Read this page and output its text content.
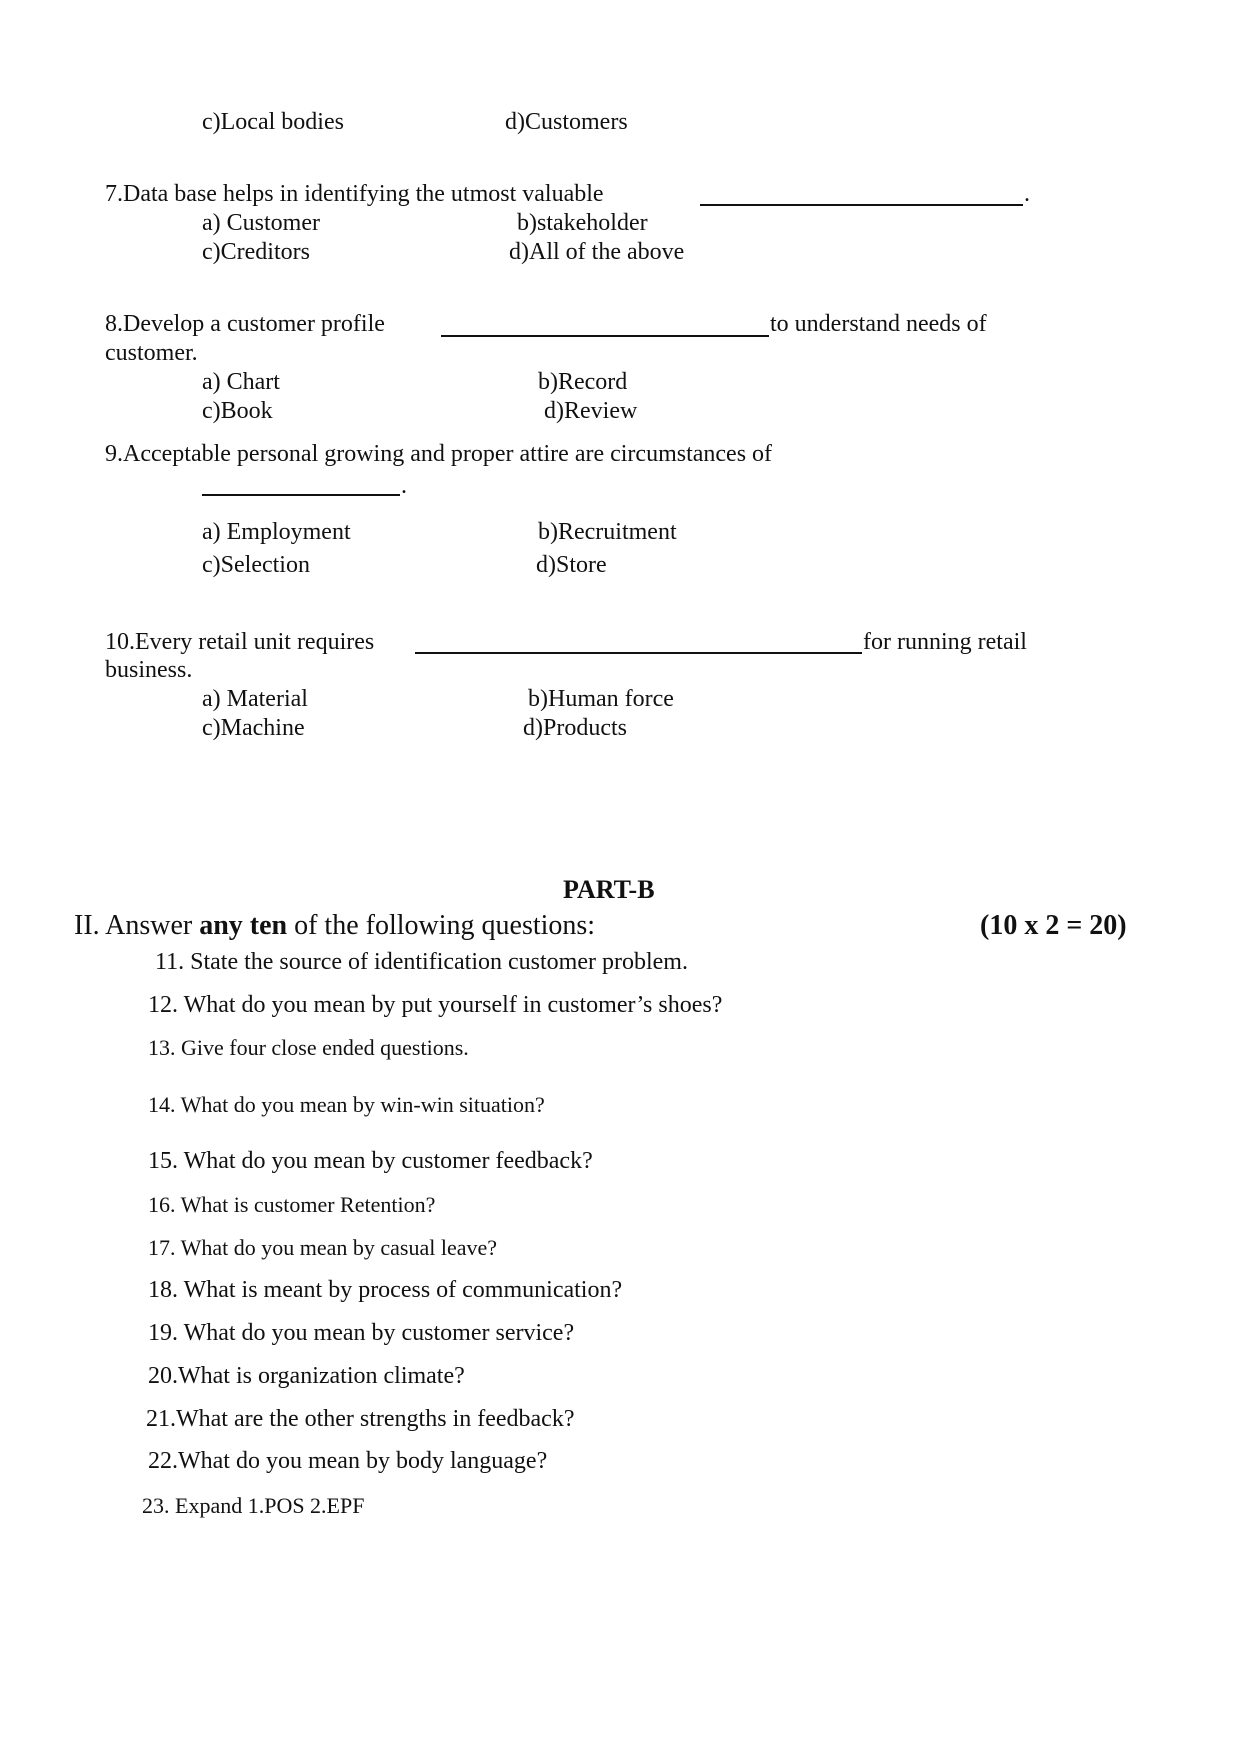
c)Local bodies	d)Customers
7.Data base helps in identifying the utmost valuable	.
a) Customer	b)stakeholder
c)Creditors	d)All of the above
8.Develop a customer profile	to understand needs of
customer.
a) Chart	b)Record
c)Book	d)Review
9.Acceptable personal growing and proper attire are circumstances of
.
a) Employment	b)Recruitment
c)Selection	d)Store
10.Every retail unit requires	for running retail
business.
a) Material	b)Human force
c)Machine	d)Products
PART-B
II. Answer any ten of the following questions:	(10 x 2 = 20)
11. State the source of identification customer problem.
12. What do you mean by put yourself in customer’s shoes?
13. Give four close ended questions.
14. What do you mean by win-win situation?
15. What do you mean by customer feedback?
16. What is customer Retention?
17. What do you mean by casual leave?
18. What is meant by process of communication?
19. What do you mean by customer service?
20.What is organization climate?
21.What are the other strengths in feedback?
22.What do you mean by body language?
23. Expand 1.POS 2.EPF
